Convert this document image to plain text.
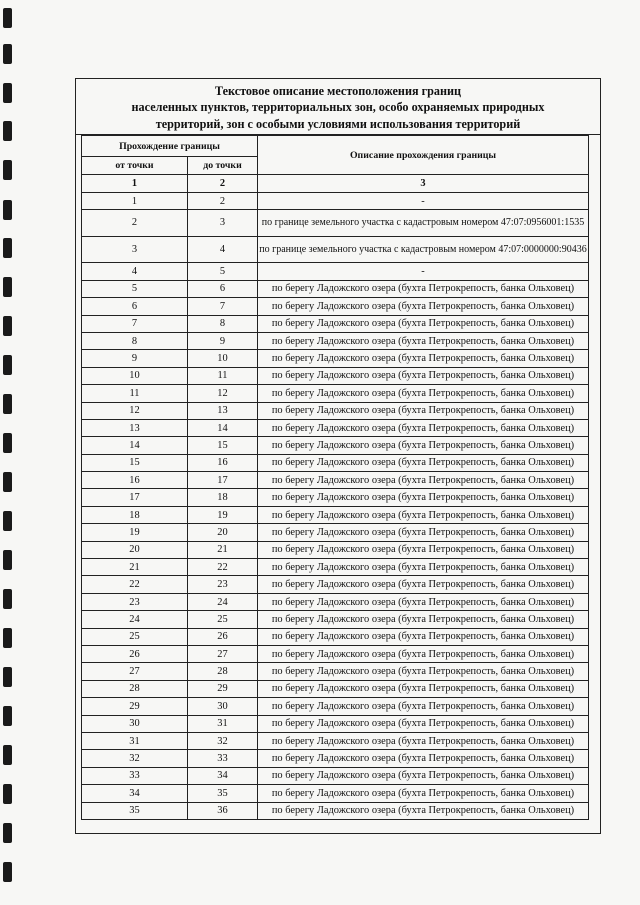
Текстовое описание местоположения границ
населенных пунктов, территориальных зон, особо охраняемых природных
территорий, зон с особыми условиями использования территорий
Прохождение границы		Описание прохождения границы
от точки	до точки	
1	2	3
1	2	-
2	3	по границе земельного участка с кадастровым номером 47:07:0956001:1535
3	4	по границе земельного участка с кадастровым номером 47:07:0000000:90436
4	5	-
5	6	по берегу Ладожского озера (бухта Петрокрепость, банка Ольховец)
6	7	по берегу Ладожского озера (бухта Петрокрепость, банка Ольховец)
7	8	по берегу Ладожского озера (бухта Петрокрепость, банка Ольховец)
8	9	по берегу Ладожского озера (бухта Петрокрепость, банка Ольховец)
9	10	по берегу Ладожского озера (бухта Петрокрепость, банка Ольховец)
10	11	по берегу Ладожского озера (бухта Петрокрепость, банка Ольховец)
11	12	по берегу Ладожского озера (бухта Петрокрепость, банка Ольховец)
12	13	по берегу Ладожского озера (бухта Петрокрепость, банка Ольховец)
13	14	по берегу Ладожского озера (бухта Петрокрепость, банка Ольховец)
14	15	по берегу Ладожского озера (бухта Петрокрепость, банка Ольховец)
15	16	по берегу Ладожского озера (бухта Петрокрепость, банка Ольховец)
16	17	по берегу Ладожского озера (бухта Петрокрепость, банка Ольховец)
17	18	по берегу Ладожского озера (бухта Петрокрепость, банка Ольховец)
18	19	по берегу Ладожского озера (бухта Петрокрепость, банка Ольховец)
19	20	по берегу Ладожского озера (бухта Петрокрепость, банка Ольховец)
20	21	по берегу Ладожского озера (бухта Петрокрепость, банка Ольховец)
21	22	по берегу Ладожского озера (бухта Петрокрепость, банка Ольховец)
22	23	по берегу Ладожского озера (бухта Петрокрепость, банка Ольховец)
23	24	по берегу Ладожского озера (бухта Петрокрепость, банка Ольховец)
24	25	по берегу Ладожского озера (бухта Петрокрепость, банка Ольховец)
25	26	по берегу Ладожского озера (бухта Петрокрепость, банка Ольховец)
26	27	по берегу Ладожского озера (бухта Петрокрепость, банка Ольховец)
27	28	по берегу Ладожского озера (бухта Петрокрепость, банка Ольховец)
28	29	по берегу Ладожского озера (бухта Петрокрепость, банка Ольховец)
29	30	по берегу Ладожского озера (бухта Петрокрепость, банка Ольховец)
30	31	по берегу Ладожского озера (бухта Петрокрепость, банка Ольховец)
31	32	по берегу Ладожского озера (бухта Петрокрепость, банка Ольховец)
32	33	по берегу Ладожского озера (бухта Петрокрепость, банка Ольховец)
33	34	по берегу Ладожского озера (бухта Петрокрепость, банка Ольховец)
34	35	по берегу Ладожского озера (бухта Петрокрепость, банка Ольховец)
35	36	по берегу Ладожского озера (бухта Петрокрепость, банка Ольховец)
